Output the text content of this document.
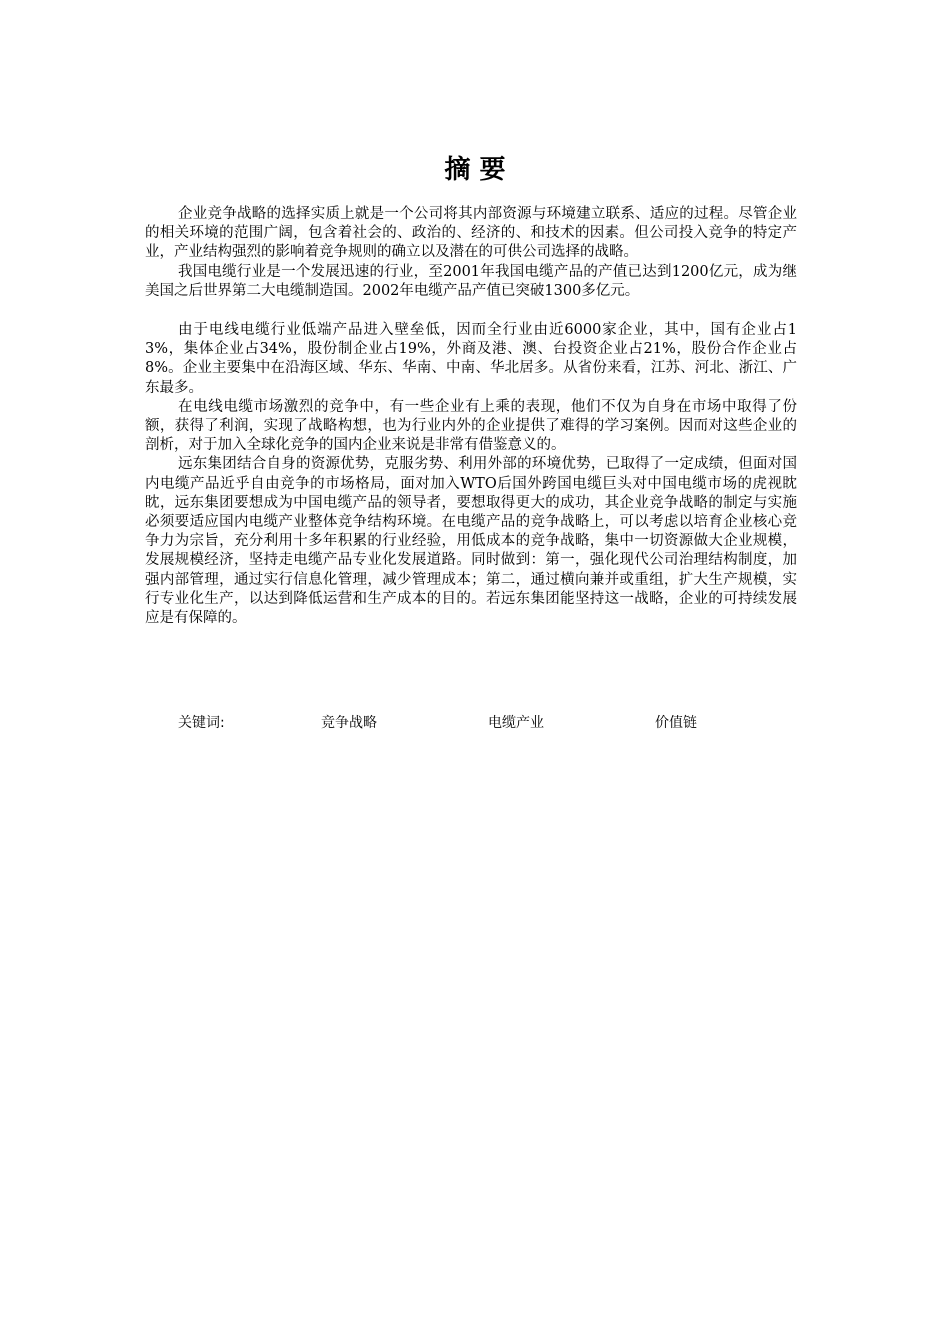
摘 要

企业竞争战略的选择实质上就是一个公司将其内部资源与环境建立联系、适应的过程。尽管企业的相关环境的范围广阔，包含着社会的、政治的、经济的、和技术的因素。但公司投入竞争的特定产业，产业结构强烈的影响着竞争规则的确立以及潜在的可供公司选择的战略。

我国电缆行业是一个发展迅速的行业，至2001年我国电缆产品的产值已达到1200亿元，成为继美国之后世界第二大电缆制造国。2002年电缆产品产值已突破1300多亿元。

由于电线电缆行业低端产品进入壁垒低，因而全行业由近6000家企业，其中，国有企业占13%，集体企业占34%，股份制企业占19%，外商及港、澳、台投资企业占21%，股份合作企业占8%。企业主要集中在沿海区域、华东、华南、中南、华北居多。从省份来看，江苏、河北、浙江、广东最多。

在电线电缆市场激烈的竞争中，有一些企业有上乘的表现，他们不仅为自身在市场中取得了份额，获得了利润，实现了战略构想，也为行业内外的企业提供了难得的学习案例。因而对这些企业的剖析，对于加入全球化竞争的国内企业来说是非常有借鉴意义的。

远东集团结合自身的资源优势，克服劣势、利用外部的环境优势，已取得了一定成绩，但面对国内电缆产品近乎自由竞争的市场格局，面对加入WTO后国外跨国电缆巨头对中国电缆市场的虎视眈眈，远东集团要想成为中国电缆产品的领导者，要想取得更大的成功，其企业竞争战略的制定与实施必须要适应国内电缆产业整体竞争结构环境。在电缆产品的竞争战略上，可以考虑以培育企业核心竞争力为宗旨，充分利用十多年积累的行业经验，用低成本的竞争战略，集中一切资源做大企业规模，发展规模经济，坚持走电缆产品专业化发展道路。同时做到：第一，强化现代公司治理结构制度，加强内部管理，通过实行信息化管理，减少管理成本；第二，通过横向兼并或重组，扩大生产规模，实行专业化生产，以达到降低运营和生产成本的目的。若远东集团能坚持这一战略，企业的可持续发展应是有保障的。

关键词:	竞争战略	电缆产业	价值链
